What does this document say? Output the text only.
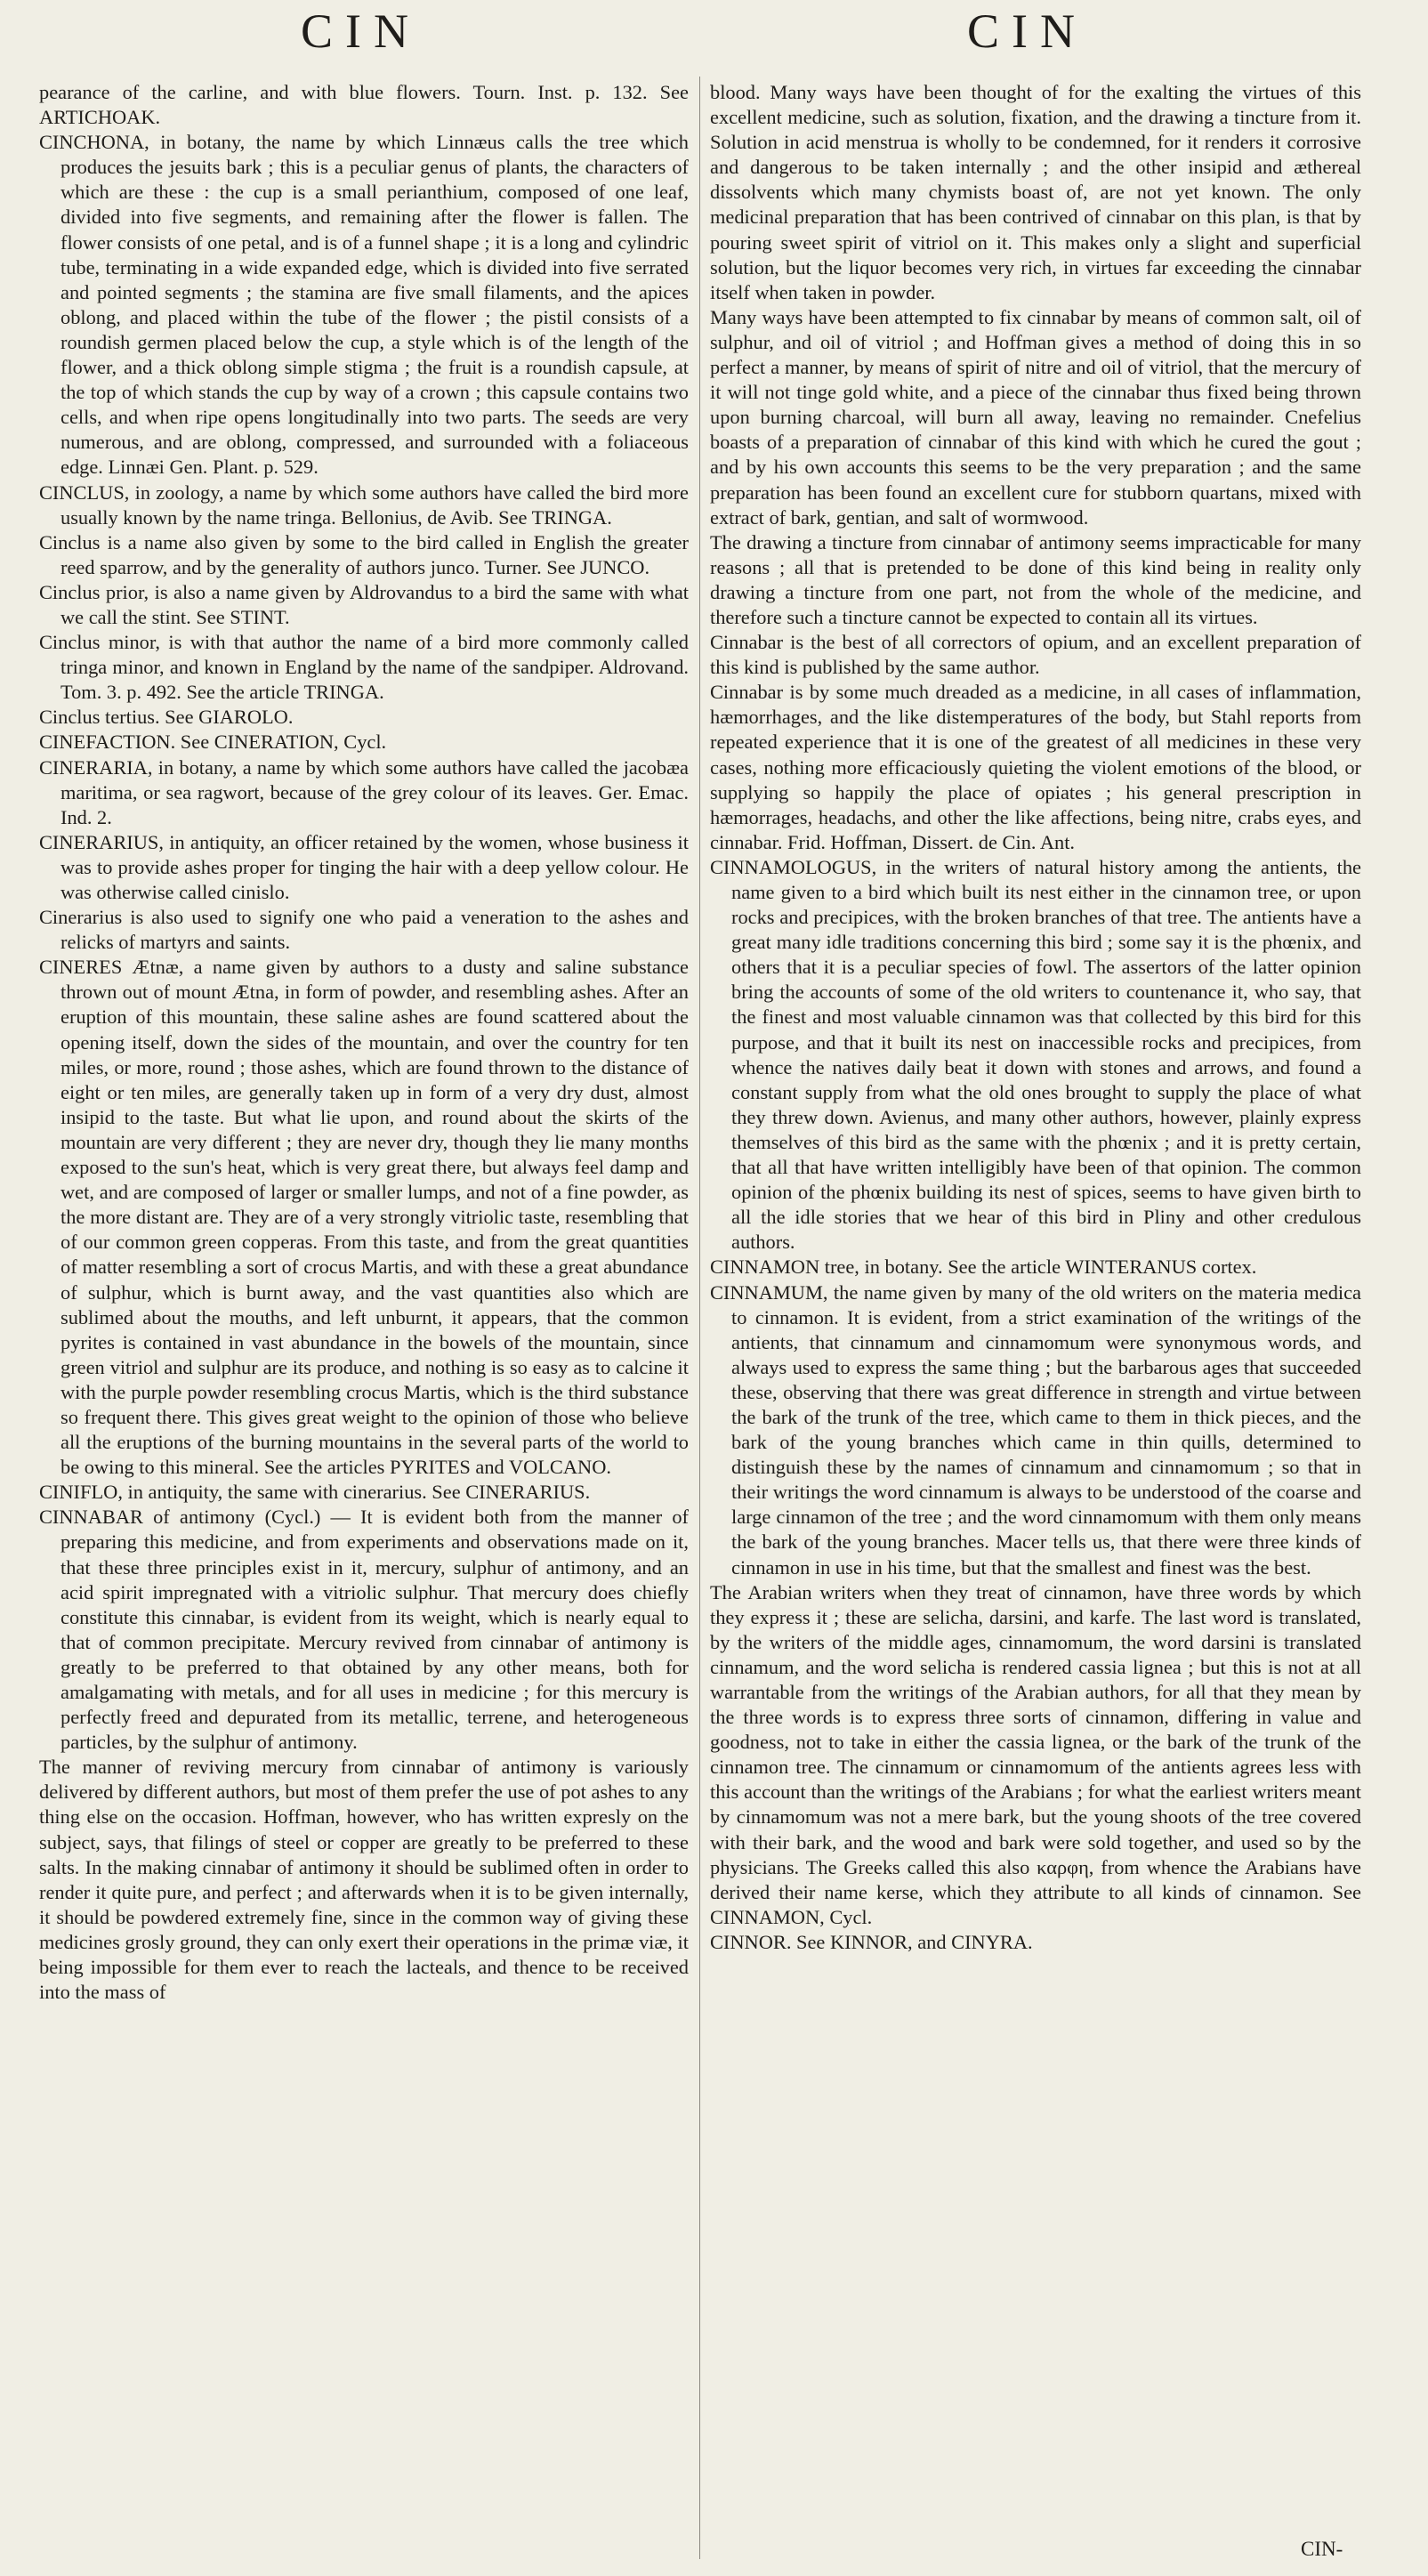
CIN	CIN
pearance of the carline, and with blue flowers. Tourn. Inst. p. 132. See ARTICHOAK.
CINCHONA, in botany, the name by which Linnæus calls the tree which produces the jesuits bark ; this is a peculiar genus of plants, the characters of which are these : the cup is a small perianthium, composed of one leaf, divided into five segments, and remaining after the flower is fallen. The flower consists of one petal, and is of a funnel shape ; it is a long and cylindric tube, terminating in a wide expanded edge, which is divided into five serrated and pointed segments ; the stamina are five small filaments, and the apices oblong, and placed within the tube of the flower ; the pistil consists of a roundish germen placed below the cup, a style which is of the length of the flower, and a thick oblong simple stigma ; the fruit is a roundish capsule, at the top of which stands the cup by way of a crown ; this capsule contains two cells, and when ripe opens longitudinally into two parts. The seeds are very numerous, and are oblong, compressed, and surrounded with a foliaceous edge. Linnæi Gen. Plant. p. 529.
CINCLUS, in zoology, a name by which some authors have called the bird more usually known by the name tringa. Bellonius, de Avib. See TRINGA.
Cinclus is a name also given by some to the bird called in English the greater reed sparrow, and by the generality of authors junco. Turner. See JUNCO.
Cinclus prior, is also a name given by Aldrovandus to a bird the same with what we call the stint. See STINT.
Cinclus minor, is with that author the name of a bird more commonly called tringa minor, and known in England by the name of the sandpiper. Aldrovand. Tom. 3. p. 492. See the article TRINGA.
Cinclus tertius. See GIAROLO.
CINEFACTION. See CINERATION, Cycl.
CINERARIA, in botany, a name by which some authors have called the jacobæa maritima, or sea ragwort, because of the grey colour of its leaves. Ger. Emac. Ind. 2.
CINERARIUS, in antiquity, an officer retained by the women, whose business it was to provide ashes proper for tinging the hair with a deep yellow colour. He was otherwise called cinislo.
Cinerarius is also used to signify one who paid a veneration to the ashes and relicks of martyrs and saints.
CINERES Ætnæ, a name given by authors to a dusty and saline substance thrown out of mount Ætna, in form of powder, and resembling ashes. After an eruption of this mountain, these saline ashes are found scattered about the opening itself, down the sides of the mountain, and over the country for ten miles, or more, round ; those ashes, which are found thrown to the distance of eight or ten miles, are generally taken up in form of a very dry dust, almost insipid to the taste. But what lie upon, and round about the skirts of the mountain are very different ; they are never dry, though they lie many months exposed to the sun's heat, which is very great there, but always feel damp and wet, and are composed of larger or smaller lumps, and not of a fine powder, as the more distant are. They are of a very strongly vitriolic taste, resembling that of our common green copperas. From this taste, and from the great quantities of matter resembling a sort of crocus Martis, and with these a great abundance of sulphur, which is burnt away, and the vast quantities also which are sublimed about the mouths, and left unburnt, it appears, that the common pyrites is contained in vast abundance in the bowels of the mountain, since green vitriol and sulphur are its produce, and nothing is so easy as to calcine it with the purple powder resembling crocus Martis, which is the third substance so frequent there. This gives great weight to the opinion of those who believe all the eruptions of the burning mountains in the several parts of the world to be owing to this mineral. See the articles PYRITES and VOLCANO.
CINIFLO, in antiquity, the same with cinerarius. See CINERARIUS.
CINNABAR of antimony (Cycl.) — It is evident both from the manner of preparing this medicine, and from experiments and observations made on it, that these three principles exist in it, mercury, sulphur of antimony, and an acid spirit impregnated with a vitriolic sulphur. That mercury does chiefly constitute this cinnabar, is evident from its weight, which is nearly equal to that of common precipitate. Mercury revived from cinnabar of antimony is greatly to be preferred to that obtained by any other means, both for amalgamating with metals, and for all uses in medicine ; for this mercury is perfectly freed and depurated from its metallic, terrene, and heterogeneous particles, by the sulphur of antimony.
The manner of reviving mercury from cinnabar of antimony is variously delivered by different authors, but most of them prefer the use of pot ashes to any thing else on the occasion. Hoffman, however, who has written expresly on the subject, says, that filings of steel or copper are greatly to be preferred to these salts. In the making cinnabar of antimony it should be sublimed often in order to render it quite pure, and perfect ; and afterwards when it is to be given internally, it should be powdered extremely fine, since in the common way of giving these medicines grosly ground, they can only exert their operations in the primæ viæ, it being impossible for them ever to reach the lacteals, and thence to be received into the mass of
blood. Many ways have been thought of for the exalting the virtues of this excellent medicine, such as solution, fixation, and the drawing a tincture from it. Solution in acid menstrua is wholly to be condemned, for it renders it corrosive and dangerous to be taken internally ; and the other insipid and æthereal dissolvents which many chymists boast of, are not yet known. The only medicinal preparation that has been contrived of cinnabar on this plan, is that by pouring sweet spirit of vitriol on it. This makes only a slight and superficial solution, but the liquor becomes very rich, in virtues far exceeding the cinnabar itself when taken in powder.
Many ways have been attempted to fix cinnabar by means of common salt, oil of sulphur, and oil of vitriol ; and Hoffman gives a method of doing this in so perfect a manner, by means of spirit of nitre and oil of vitriol, that the mercury of it will not tinge gold white, and a piece of the cinnabar thus fixed being thrown upon burning charcoal, will burn all away, leaving no remainder. Cnefelius boasts of a preparation of cinnabar of this kind with which he cured the gout ; and by his own accounts this seems to be the very preparation ; and the same preparation has been found an excellent cure for stubborn quartans, mixed with extract of bark, gentian, and salt of wormwood.
The drawing a tincture from cinnabar of antimony seems impracticable for many reasons ; all that is pretended to be done of this kind being in reality only drawing a tincture from one part, not from the whole of the medicine, and therefore such a tincture cannot be expected to contain all its virtues.
Cinnabar is the best of all correctors of opium, and an excellent preparation of this kind is published by the same author.
Cinnabar is by some much dreaded as a medicine, in all cases of inflammation, hæmorrhages, and the like distemperatures of the body, but Stahl reports from repeated experience that it is one of the greatest of all medicines in these very cases, nothing more efficaciously quieting the violent emotions of the blood, or supplying so happily the place of opiates ; his general prescription in hæmorrages, headachs, and other the like affections, being nitre, crabs eyes, and cinnabar. Frid. Hoffman, Dissert. de Cin. Ant.
CINNAMOLOGUS, in the writers of natural history among the antients, the name given to a bird which built its nest either in the cinnamon tree, or upon rocks and precipices, with the broken branches of that tree. The antients have a great many idle traditions concerning this bird ; some say it is the phœnix, and others that it is a peculiar species of fowl. The assertors of the latter opinion bring the accounts of some of the old writers to countenance it, who say, that the finest and most valuable cinnamon was that collected by this bird for this purpose, and that it built its nest on inaccessible rocks and precipices, from whence the natives daily beat it down with stones and arrows, and found a constant supply from what the old ones brought to supply the place of what they threw down. Avienus, and many other authors, however, plainly express themselves of this bird as the same with the phœnix ; and it is pretty certain, that all that have written intelligibly have been of that opinion. The common opinion of the phœnix building its nest of spices, seems to have given birth to all the idle stories that we hear of this bird in Pliny and other credulous authors.
CINNAMON tree, in botany. See the article WINTERANUS cortex.
CINNAMUM, the name given by many of the old writers on the materia medica to cinnamon. It is evident, from a strict examination of the writings of the antients, that cinnamum and cinnamomum were synonymous words, and always used to express the same thing ; but the barbarous ages that succeeded these, observing that there was great difference in strength and virtue between the bark of the trunk of the tree, which came to them in thick pieces, and the bark of the young branches which came in thin quills, determined to distinguish these by the names of cinnamum and cinnamomum ; so that in their writings the word cinnamum is always to be understood of the coarse and large cinnamon of the tree ; and the word cinnamomum with them only means the bark of the young branches. Macer tells us, that there were three kinds of cinnamon in use in his time, but that the smallest and finest was the best.
The Arabian writers when they treat of cinnamon, have three words by which they express it ; these are selicha, darsini, and karfe. The last word is translated, by the writers of the middle ages, cinnamomum, the word darsini is translated cinnamum, and the word selicha is rendered cassia lignea ; but this is not at all warrantable from the writings of the Arabian authors, for all that they mean by the three words is to express three sorts of cinnamon, differing in value and goodness, not to take in either the cassia lignea, or the bark of the trunk of the cinnamon tree. The cinnamum or cinnamomum of the antients agrees less with this account than the writings of the Arabians ; for what the earliest writers meant by cinnamomum was not a mere bark, but the young shoots of the tree covered with their bark, and the wood and bark were sold together, and used so by the physicians. The Greeks called this also καρφη, from whence the Arabians have derived their name kerse, which they attribute to all kinds of cinnamon. See CINNAMON, Cycl.
CINNOR. See KINNOR, and CINYRA.
CIN-
